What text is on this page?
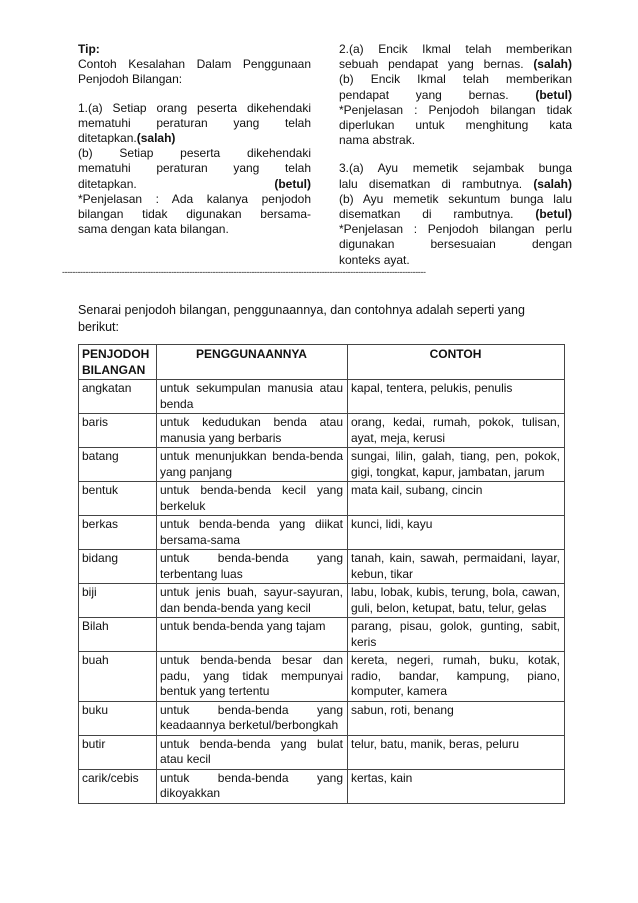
Tip:
Contoh Kesalahan Dalam Penggunaan
Penjodoh Bilangan:
1.(a) Setiap orang peserta dikehendaki
mematuhi peraturan yang telah
ditetapkan.(salah)
(b) Setiap peserta dikehendaki
mematuhi peraturan yang telah
ditetapkan.	(betul)
*Penjelasan : Ada kalanya penjodoh
bilangan tidak digunakan bersama-
sama dengan kata bilangan.
2.(a) Encik Ikmal telah memberikan
sebuah pendapat yang bernas. (salah)
(b) Encik Ikmal telah memberikan
pendapat yang bernas. (betul)
*Penjelasan : Penjodoh bilangan tidak
diperlukan untuk menghitung kata
nama abstrak.
3.(a) Ayu memetik sejambak bunga
lalu disematkan di rambutnya. (salah)
(b) Ayu memetik sekuntum bunga lalu
disematkan di rambutnya. (betul)
*Penjelasan : Penjodoh bilangan perlu
digunakan bersesuaian dengan
konteks ayat.
--------------------------------------------------------------------------------------------------------------------------------------------
Senarai penjodoh bilangan, penggunaannya, dan contohnya adalah seperti yang berikut:
PENJODOH
BILANGAN	PENGGUNAANNYA	CONTOH
angkatan	untuk sekumpulan manusia atau benda	kapal, tentera, pelukis, penulis
baris	untuk kedudukan benda atau manusia yang berbaris	orang, kedai, rumah, pokok, tulisan, ayat, meja, kerusi
batang	untuk menunjukkan benda-benda yang panjang	sungai, lilin, galah, tiang, pen, pokok, gigi, tongkat, kapur, jambatan, jarum
bentuk	untuk benda-benda kecil yang berkeluk	mata kail, subang, cincin
berkas	untuk benda-benda yang diikat bersama-sama	kunci, lidi, kayu
bidang	untuk benda-benda yang terbentang luas	tanah, kain, sawah, permaidani, layar, kebun, tikar
biji	untuk jenis buah, sayur-sayuran, dan benda-benda yang kecil	labu, lobak, kubis, terung, bola, cawan, guli, belon, ketupat, batu, telur, gelas
Bilah	untuk benda-benda yang tajam	parang, pisau, golok, gunting, sabit, keris
buah	untuk benda-benda besar dan padu, yang tidak mempunyai bentuk yang tertentu	kereta, negeri, rumah, buku, kotak, radio, bandar, kampung, piano, komputer, kamera
buku	untuk benda-benda yang keadaannya berketul/berbongkah	sabun, roti, benang
butir	untuk benda-benda yang bulat atau kecil	telur, batu, manik, beras, peluru
carik/cebis	untuk benda-benda yang dikoyakkan	kertas, kain
